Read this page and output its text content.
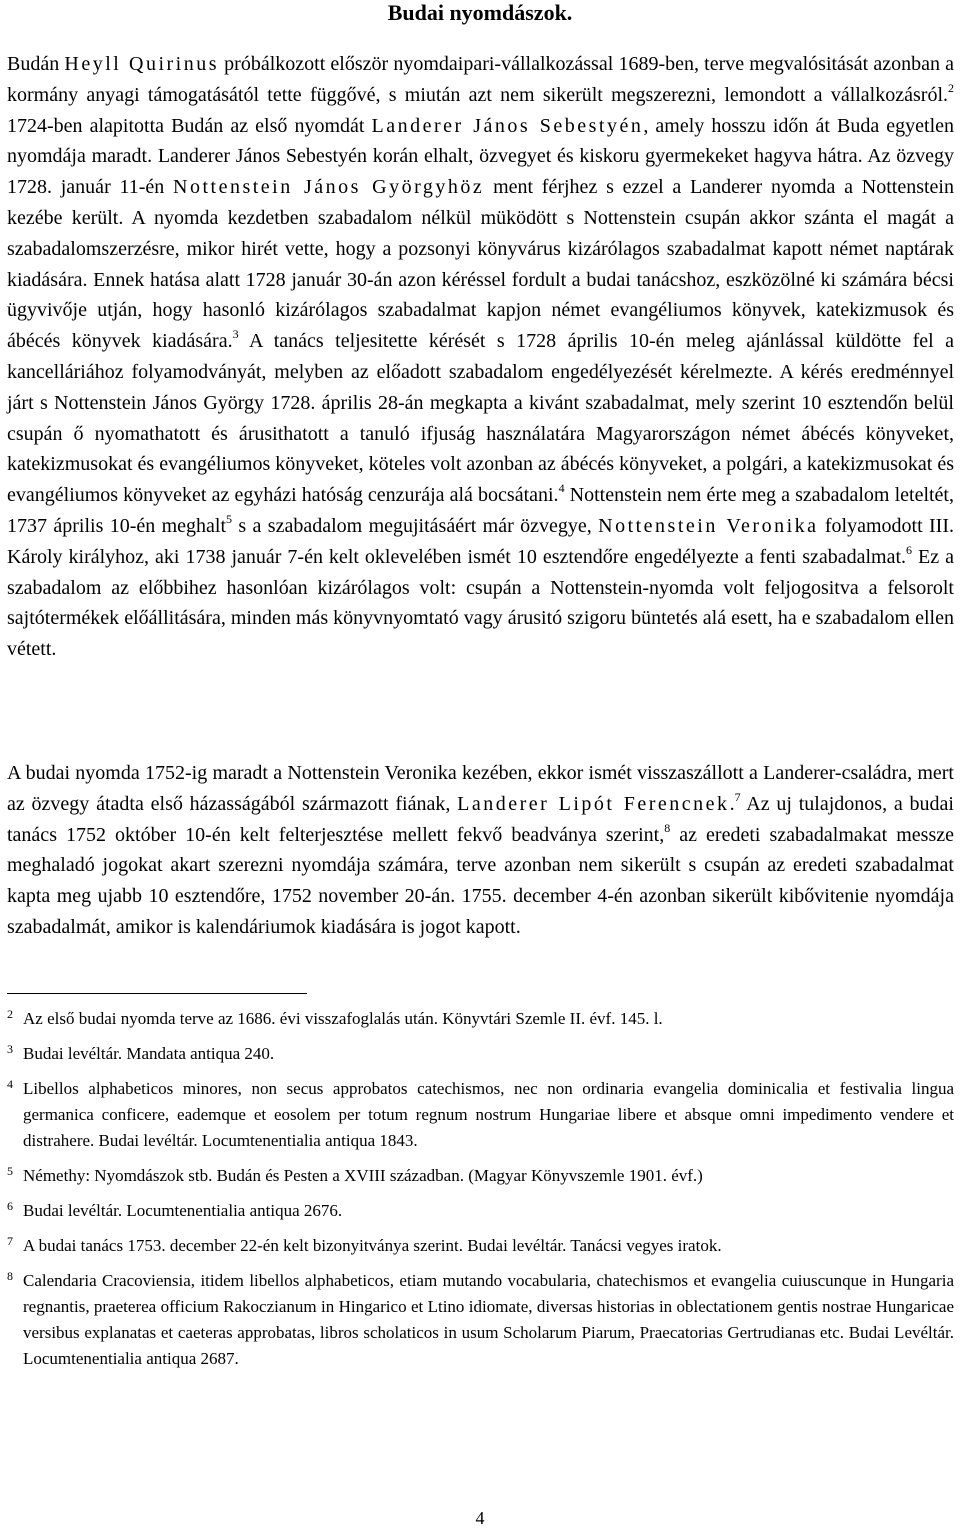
Budai nyomdászok.
Budán Heyll Quirinus próbálkozott először nyomdaipari-vállalkozással 1689-ben, terve megvalósitását azonban a kormány anyagi támogatásától tette függővé, s miután azt nem sikerült megszerezni, lemondott a vállalkozásról.$^2$ 1724-ben alapitotta Budán az első nyomdát Landerer János Sebestyén, amely hosszu időn át Buda egyetlen nyomdája maradt. Landerer János Sebestyén korán elhalt, özvegyet és kiskoru gyermekeket hagyva hátra. Az özvegy 1728. január 11-én Nottenstein János Györgyhöz ment férjhez s ezzel a Landerer nyomda a Nottenstein kezébe került. A nyomda kezdetben szabadalom nélkül müködött s Nottenstein csupán akkor szánta el magát a szabadalomszerzésre, mikor hirét vette, hogy a pozsonyi könyvárus kizárólagos szabadalmat kapott német naptárak kiadására. Ennek hatása alatt 1728 január 30-án azon kéréssel fordult a budai tanácshoz, eszközölné ki számára bécsi ügyvivője utján, hogy hasonló kizárólagos szabadalmat kapjon német evangéliumos könyvek, katekizmusok és ábécés könyvek kiadására.$^3$ A tanács teljesitette kérését s 1728 április 10-én meleg ajánlással küldötte fel a kancelláriához folyamodványát, melyben az előadott szabadalom engedélyezését kérelmezte. A kérés eredménnyel járt s Nottenstein János György 1728. április 28-án megkapta a kivánt szabadalmat, mely szerint 10 esztendőn belül csupán ő nyomathatott és árusithatott a tanuló ifjuság használatára Magyarországon német ábécés könyveket, katekizmusokat és evangéliumos könyveket, köteles volt azonban az ábécés könyveket, a polgári, a katekizmusokat és evangéliumos könyveket az egyházi hatóság cenzurája alá bocsátani.$^4$ Nottenstein nem érte meg a szabadalom leteltét, 1737 április 10-én meghalt$^5$ s a szabadalom megujitásáért már özvegye, Nottenstein Veronika folyamodott III. Károly királyhoz, aki 1738 január 7-én kelt oklevelében ismét 10 esztendőre engedélyezte a fenti szabadalmat.$^6$ Ez a szabadalom az előbbihez hasonlóan kizárólagos volt: csupán a Nottenstein-nyomda volt feljogositva a felsorolt sajtótermékek előállitására, minden más könyvnyomtató vagy árusitó szigoru büntetés alá esett, ha e szabadalom ellen vétett.
A budai nyomda 1752-ig maradt a Nottenstein Veronika kezében, ekkor ismét visszaszállott a Landerer-családra, mert az özvegy átadta első házasságából származott fiának, Landerer Lipót Ferencnek.$^7$ Az uj tulajdonos, a budai tanács 1752 október 10-én kelt felterjesztése mellett fekvő beadványa szerint,$^8$ az eredeti szabadalmakat messze meghaladó jogokat akart szerezni nyomdája számára, terve azonban nem sikerült s csupán az eredeti szabadalmat kapta meg ujabb 10 esztendőre, 1752 november 20-án. 1755. december 4-én azonban sikerült kibővitenie nyomdája szabadalmát, amikor is kalendáriumok kiadására is jogot kapott.
2 Az első budai nyomda terve az 1686. évi visszafoglalás után. Könyvtári Szemle II. évf. 145. l.
3 Budai levéltár. Mandata antiqua 240.
4 Libellos alphabeticos minores, non secus approbatos catechismos, nec non ordinaria evangelia dominicalia et festivalia lingua germanica conficere, eademque et eosolem per totum regnum nostrum Hungariae libere et absque omni impedimento vendere et distrahere. Budai levéltár. Locumtenentialia antiqua 1843.
5 Némethy: Nyomdászok stb. Budán és Pesten a XVIII században. (Magyar Könyvszemle 1901. évf.)
6 Budai levéltár. Locumtenentialia antiqua 2676.
7 A budai tanács 1753. december 22-én kelt bizonyitványa szerint. Budai levéltár. Tanácsi vegyes iratok.
8 Calendaria Cracoviensia, itidem libellos alphabeticos, etiam mutando vocabularia, chatechismos et evangelia cuiuscunque in Hungaria regnantis, praeterea officium Rakoczianum in Hingarico et Ltino idiomate, diversas historias in oblectationem gentis nostrae Hungaricae versibus explanatas et caeteras approbatas, libros scholaticos in usum Scholarum Piarum, Praecatorias Gertrudianas etc. Budai Levéltár. Locumtenentialia antiqua 2687.
4
